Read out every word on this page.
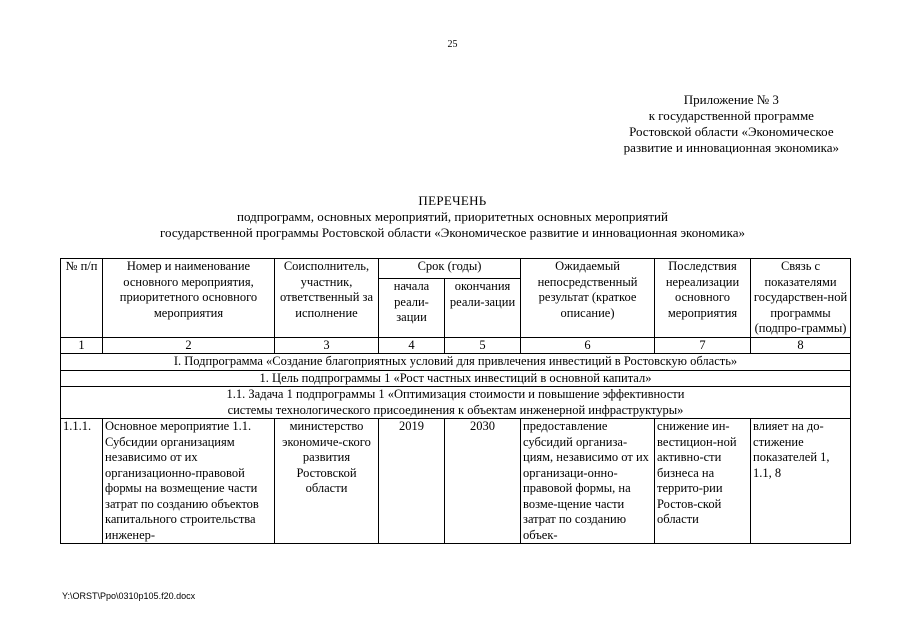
25
Приложение № 3
к государственной программе
Ростовской области «Экономическое
развитие и инновационная экономика»
ПЕРЕЧЕНЬ
подпрограмм, основных мероприятий, приоритетных основных мероприятий
государственной программы Ростовской области «Экономическое развитие и инновационная экономика»
№ п/п	Номер и наименование основного мероприятия, приоритетного основного мероприятия	Соисполнитель, участник, ответственный за исполнение	Срок (годы)		Ожидаемый непосредственный результат (краткое описание)	Последствия нереализации основного мероприятия	Связь с показателями государствен-ной программы (подпро-граммы)
			начала реали-зации	окончания реали-зации			
1	2	3	4	5	6	7	8
I. Подпрограмма «Создание благоприятных условий для привлечения инвестиций в Ростовскую область»							
1. Цель подпрограммы 1 «Рост частных инвестиций в основной капитал»							

1.1. Задача 1 подпрограммы 1 «Оптимизация стоимости и повышение эффективности
системы технологического присоединения к объектам инженерной инфраструктуры»							

1.1.1.	Основное мероприятие 1.1. Субсидии организациям независимо от их организационно-правовой формы на возмещение части затрат по созданию объектов капитального строительства инженер-	министерство экономиче-ского развития Ростовской области	2019	2030	предоставление субсидий организа-циям, независимо от их организаци-онно-правовой формы, на возме-щение части затрат по созданию объек-	снижение ин-вестицион-ной активно-сти бизнеса на террито-рии Ростов-ской области	влияет на до-стижение показателей 1, 1.1, 8
Y:\ORST\Ppo\0310p105.f20.docx
